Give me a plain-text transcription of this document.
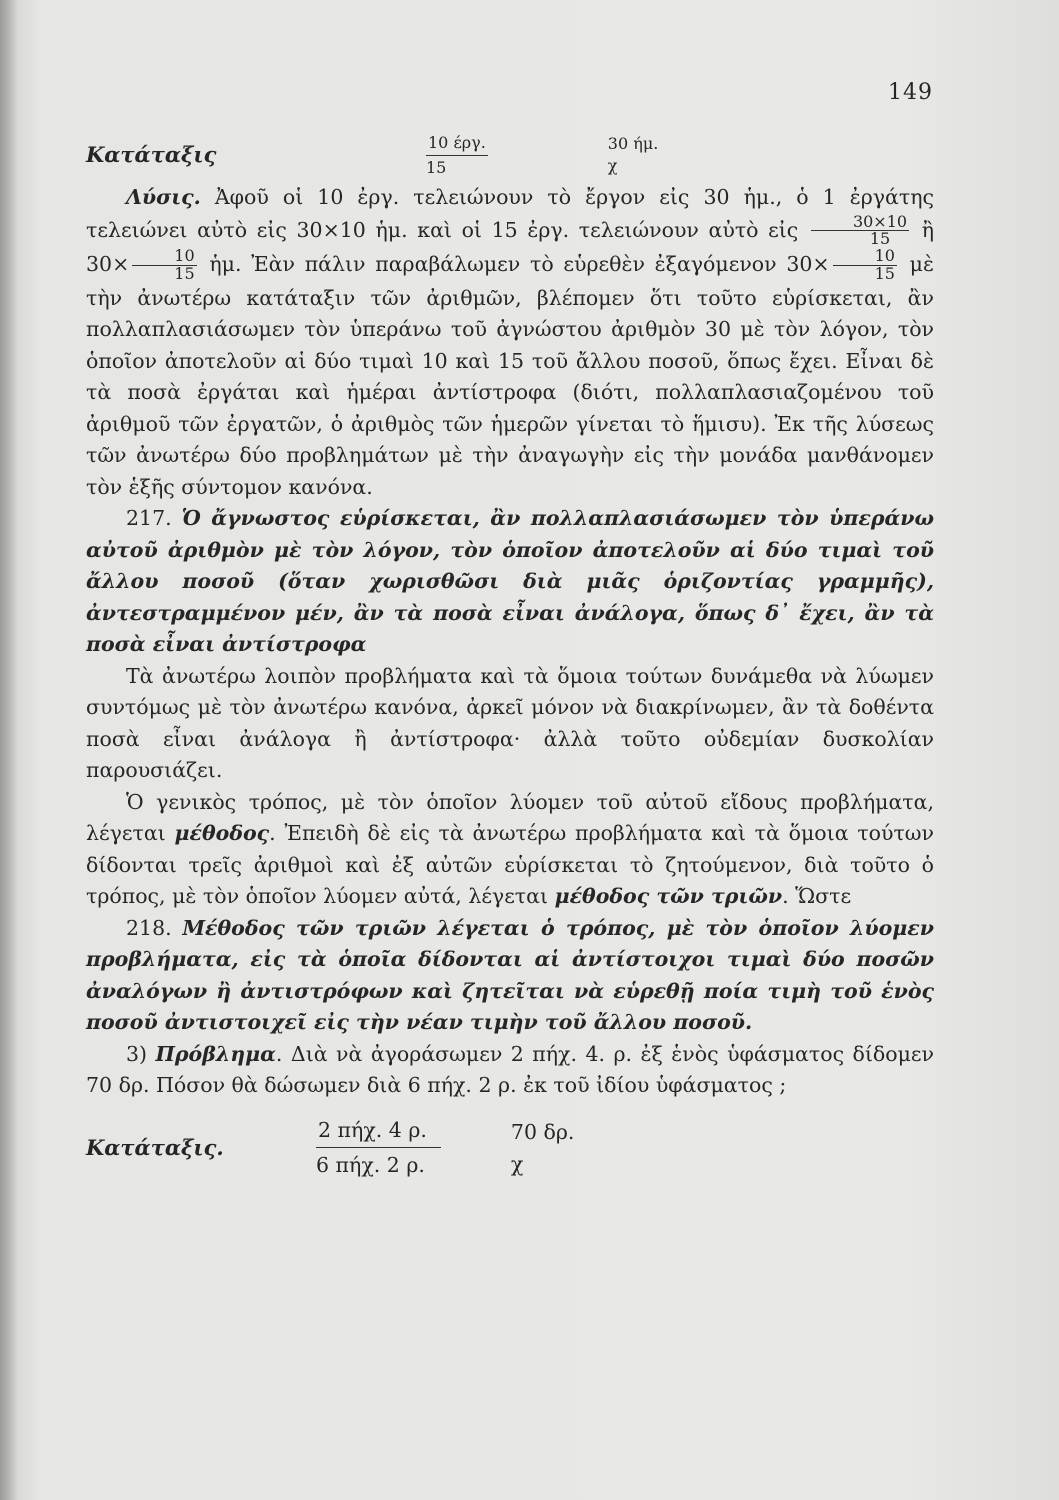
149
Κατάταξις
10 έργ.
15
30 ήμ.
χ

Λύσις. Ἀφοῦ οἱ 10 ἐργ. τελειώνουν τὸ ἔργον εἰς 30 ἡμ., ὁ 1 ἐργάτης τελειώνει αὐτὸ εἰς 30×10 ἡμ. καὶ οἱ 15 ἐργ. τελειώνουν αὐτὸ εἰς $\frac{30\times 10}{15}$ ἢ $30\times \frac{10}{15}$ ἡμ. Ἐὰν πάλιν παραβάλωμεν τὸ εὑρεθὲν ἐξαγόμενον $30\times \frac{10}{15}$ μὲ τὴν ἀνωτέρω κατάταξιν τῶν ἀριθμῶν, βλέπομεν ὅτι τοῦτο εὑρίσκεται, ἂν πολλαπλασιάσωμεν τὸν ὑπεράνω τοῦ ἀγνώστου ἀριθμὸν 30 μὲ τὸν λόγον, τὸν ὁποῖον ἀποτελοῦν αἱ δύο τιμαὶ 10 καὶ 15 τοῦ ἄλλου ποσοῦ, ὅπως ἔχει. Εἶναι δὲ τὰ ποσὰ ἐργάται καὶ ἡμέραι ἀντίστροφα (διότι, πολλαπλασιαζομένου τοῦ ἀριθμοῦ τῶν ἐργατῶν, ὁ ἀριθμὸς τῶν ἡμερῶν γίνεται τὸ ἥμισυ). Ἐκ τῆς λύσεως τῶν ἀνωτέρω δύο προβλημάτων μὲ τὴν ἀναγωγὴν εἰς τὴν μονάδα μανθάνομεν τὸν ἑξῆς σύντομον κανόνα.

217. Ὁ ἄγνωστος εὑρίσκεται, ἂν πολλαπλασιάσωμεν τὸν ὑπεράνω αὐτοῦ ἀριθμὸν μὲ τὸν λόγον, τὸν ὁποῖον ἀποτελοῦν αἱ δύο τιμαὶ τοῦ ἄλλου ποσοῦ (ὅταν χωρισθῶσι διὰ μιᾶς ὁριζοντίας γραμμῆς), ἀντεστραμμένον μέν, ἂν τὰ ποσὰ εἶναι ἀνάλογα, ὅπως δ᾿ ἔχει, ἂν τὰ ποσὰ εἶναι ἀντίστροφα

Τὰ ἀνωτέρω λοιπὸν προβλήματα καὶ τὰ ὅμοια τούτων δυνάμεθα νὰ λύωμεν συντόμως μὲ τὸν ἀνωτέρω κανόνα, ἀρκεῖ μόνον νὰ διακρίνωμεν, ἂν τὰ δοθέντα ποσὰ εἶναι ἀνάλογα ἢ ἀντίστροφα· ἀλλὰ τοῦτο οὐδεμίαν δυσκολίαν παρουσιάζει.

Ὁ γενικὸς τρόπος, μὲ τὸν ὁποῖον λύομεν τοῦ αὐτοῦ εἴδους προβλήματα, λέγεται μέθοδος. Ἐπειδὴ δὲ εἰς τὰ ἀνωτέρω προβλήματα καὶ τὰ ὅμοια τούτων δίδονται τρεῖς ἀριθμοὶ καὶ ἐξ αὐτῶν εὑρίσκεται τὸ ζητούμενον, διὰ τοῦτο ὁ τρόπος, μὲ τὸν ὁποῖον λύομεν αὐτά, λέγεται μέθοδος τῶν τριῶν. Ὥστε

218. Μέθοδος τῶν τριῶν λέγεται ὁ τρόπος, μὲ τὸν ὁποῖον λύομεν προβλήματα, εἰς τὰ ὁποῖα δίδονται αἱ ἀντίστοιχοι τιμαὶ δύο ποσῶν ἀναλόγων ἢ ἀντιστρόφων καὶ ζητεῖται νὰ εὑρεθῇ ποία τιμὴ τοῦ ἑνὸς ποσοῦ ἀντιστοιχεῖ εἰς τὴν νέαν τιμὴν τοῦ ἄλλου ποσοῦ.

3) Πρόβλημα. Διὰ νὰ ἀγοράσωμεν 2 πήχ. 4. ρ. ἐξ ἑνὸς ὑφάσματος δίδομεν 70 δρ. Πόσον θὰ δώσωμεν διὰ 6 πήχ. 2 ρ. ἐκ τοῦ ἰδίου ὑφάσματος ;

Κατάταξις.
2 πήχ. 4 ρ.
6 πήχ. 2 ρ.
70 δρ.
χ
